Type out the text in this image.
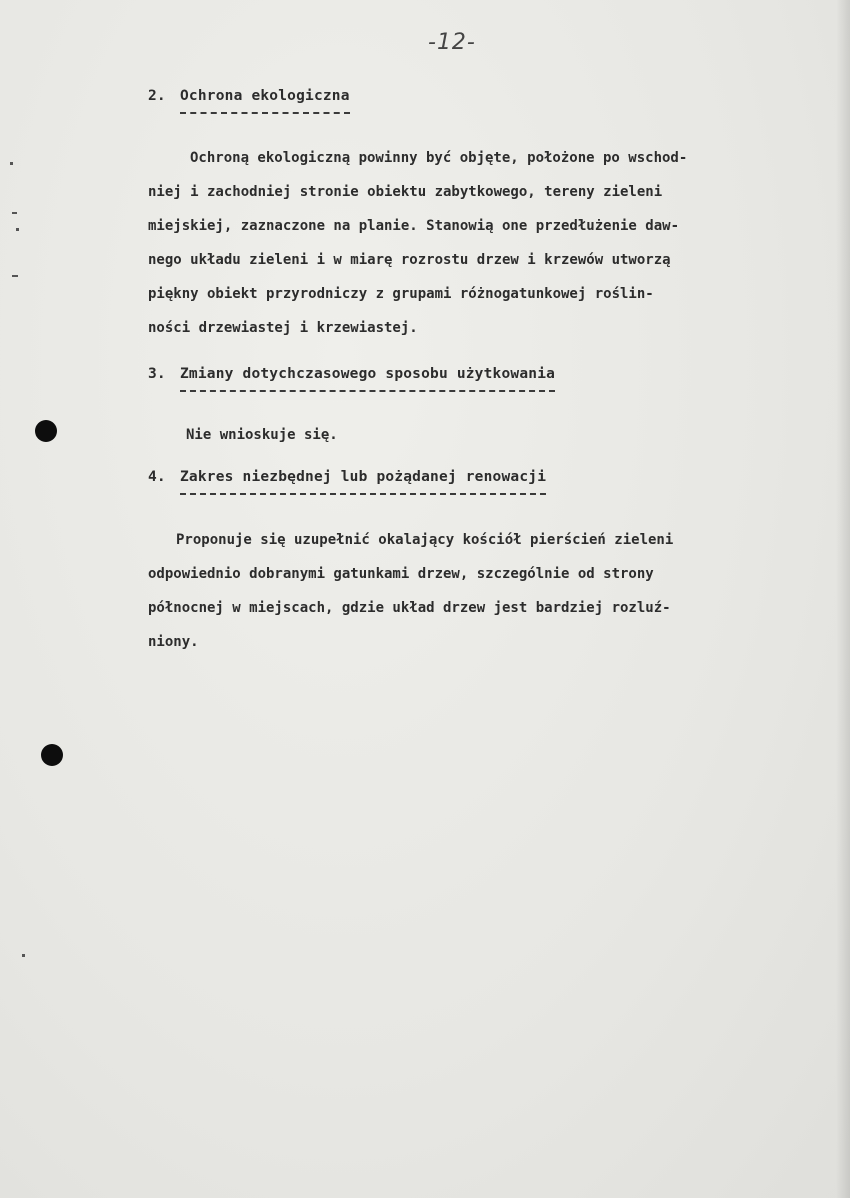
-12-
2. Ochrona ekologiczna
Ochroną ekologiczną powinny być objęte, położone po wschod-
niej i zachodniej stronie obiektu zabytkowego, tereny zieleni
miejskiej, zaznaczone na planie. Stanowią one przedłużenie daw-
nego układu zieleni i w miarę rozrostu drzew i krzewów utworzą
piękny obiekt przyrodniczy z grupami różnogatunkowej roślin-
ności drzewiastej i krzewiastej.
3. Zmiany dotychczasowego sposobu użytkowania
Nie wnioskuje się.
4. Zakres niezbędnej lub pożądanej renowacji
Proponuje się uzupełnić okalający kościół pierścień zieleni
odpowiednio dobranymi gatunkami drzew, szczególnie od strony
północnej w miejscach, gdzie układ drzew jest bardziej rozluź-
niony.
